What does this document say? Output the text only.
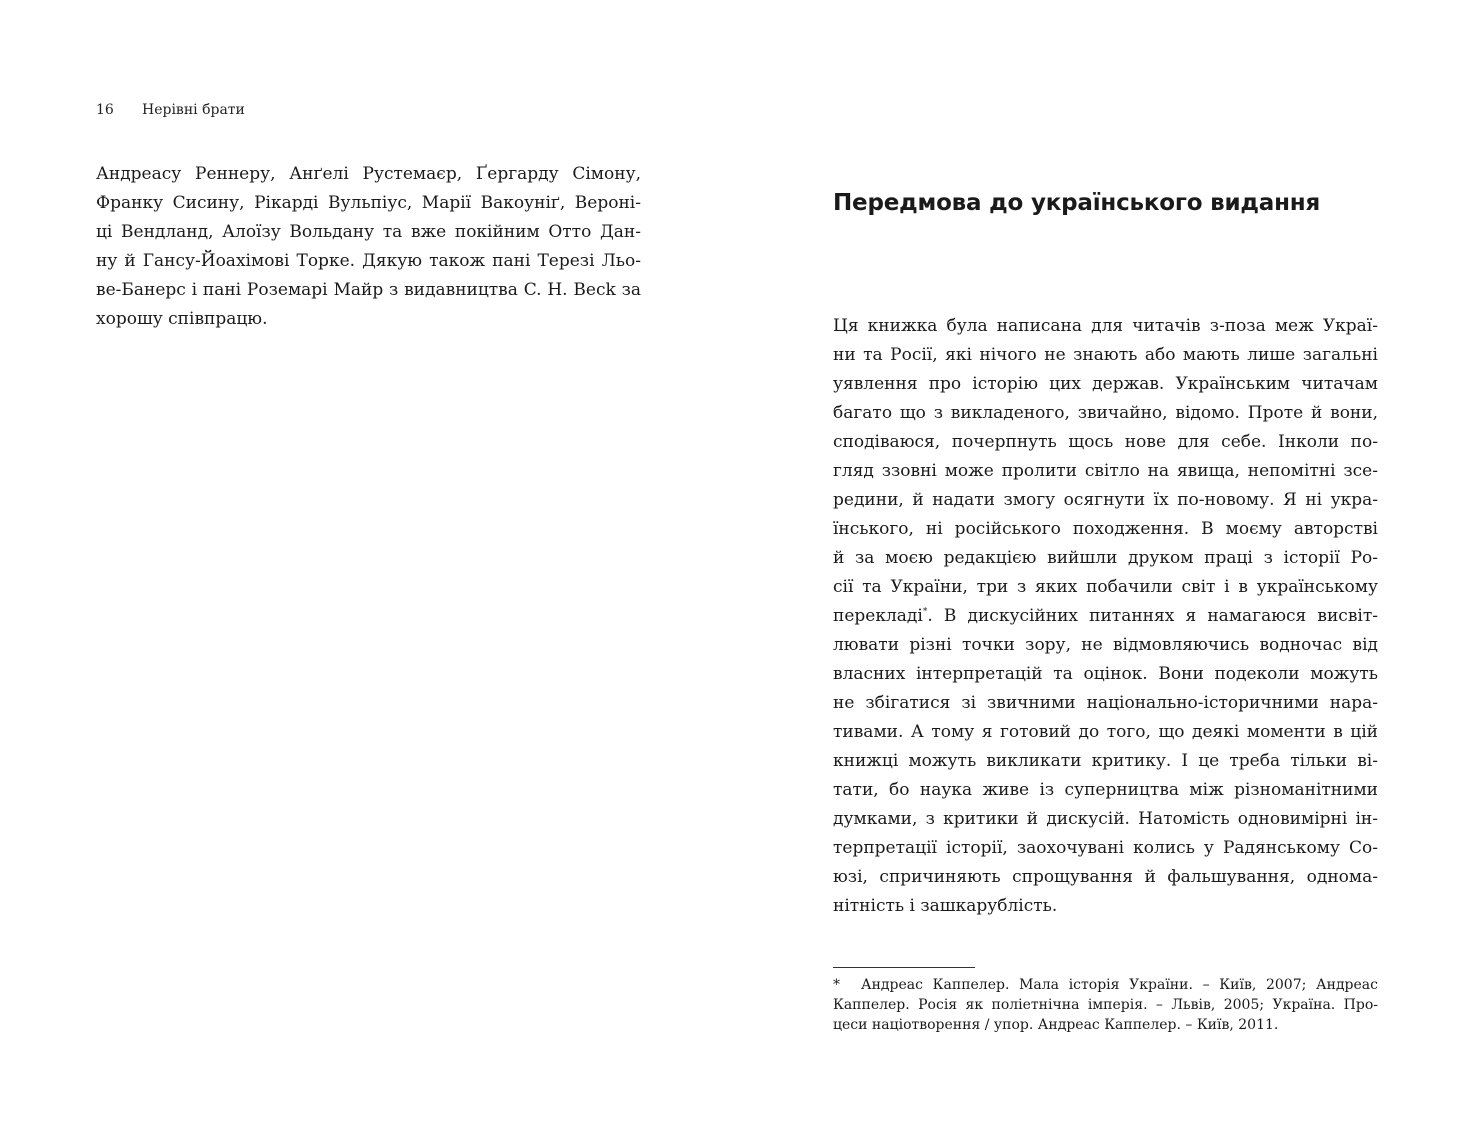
16 Нерівні брати
Андреасу Реннеру, Анґелі Рустемаєр, Ґергарду Сімону,
Франку Сисину, Рікарді Вульпіус, Марії Вакоуніґ, Вероні-
ці Вендланд, Алоїзу Вольдану та вже покійним Отто Дан-
ну й Гансу-Йоахімові Торке. Дякую також пані Терезі Льо-
ве-Банерс і пані Роземарі Майр з видавництва C. H. Beck за
хорошу співпрацю.
Передмова до українського видання
Ця книжка була написана для читачів з-поза меж Украї-
ни та Росії, які нічого не знають або мають лише загальні
уявлення про історію цих держав. Українським читачам
багато що з викладеного, звичайно, відомо. Проте й вони,
сподіваюся, почерпнуть щось нове для себе. Інколи по-
гляд ззовні може пролити світло на явища, непомітні зсе-
редини, й надати змогу осягнути їх по-новому. Я ні укра-
їнського, ні російського походження. В моєму авторстві
й за моєю редакцією вийшли друком праці з історії Ро-
сії та України, три з яких побачили світ і в українському
перекладі*. В дискусійних питаннях я намагаюся висвіт-
лювати різні точки зору, не відмовляючись водночас від
власних інтерпретацій та оцінок. Вони подеколи можуть
не збігатися зі звичними національно-історичними нара-
тивами. А тому я готовий до того, що деякі моменти в цій
книжці можуть викликати критику. І це треба тільки ві-
тати, бо наука живе із суперництва між різноманітними
думками, з критики й дискусій. Натомість одновимірні ін-
терпретації історії, заохочувані колись у Радянському Со-
юзі, спричиняють спрощування й фальшування, однома-
нітність і зашкарублість.
* Андреас Каппелер. Мала історія України. – Київ, 2007; Андреас
Каппелер. Росія як поліетнічна імперія. – Львів, 2005; Україна. Про-
цеси націотворення / упор. Андреас Каппелер. – Київ, 2011.
